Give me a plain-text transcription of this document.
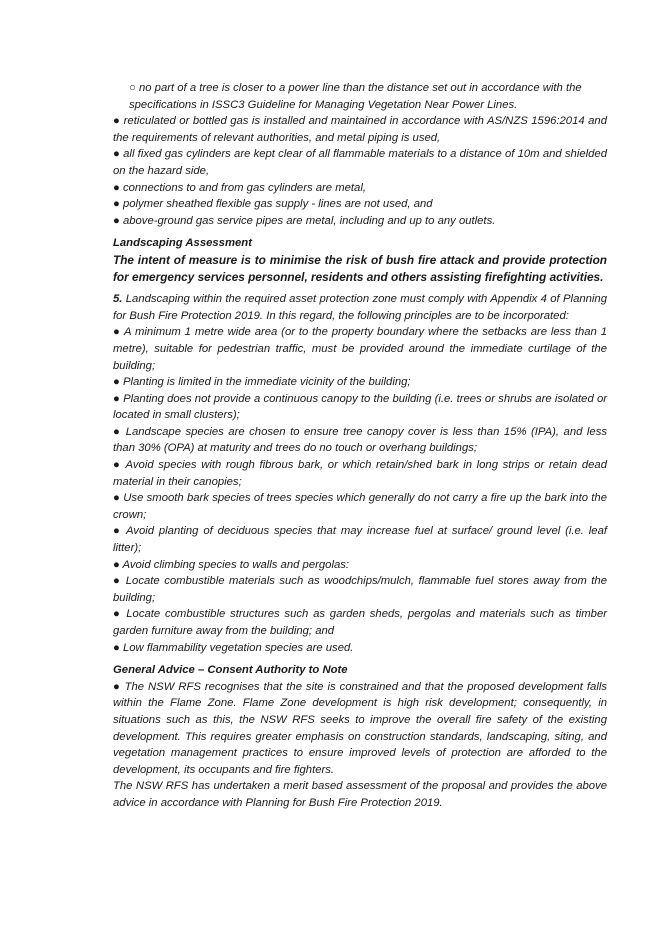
○ no part of a tree is closer to a power line than the distance set out in accordance with the

specifications in ISSC3 Guideline for Managing Vegetation Near Power Lines.

● reticulated or bottled gas is installed and maintained in accordance with AS/NZS 1596:2014 and the requirements of relevant authorities, and metal piping is used,

● all fixed gas cylinders are kept clear of all flammable materials to a distance of 10m and shielded on the hazard side,

● connections to and from gas cylinders are metal,

● polymer sheathed flexible gas supply - lines are not used, and

● above-ground gas service pipes are metal, including and up to any outlets.

Landscaping Assessment

The intent of measure is to minimise the risk of bush fire attack and provide protection for emergency services personnel, residents and others assisting firefighting activities.

5. Landscaping within the required asset protection zone must comply with Appendix 4 of Planning for Bush Fire Protection 2019. In this regard, the following principles are to be incorporated:

● A minimum 1 metre wide area (or to the property boundary where the setbacks are less than 1 metre), suitable for pedestrian traffic, must be provided around the immediate curtilage of the building;

● Planting is limited in the immediate vicinity of the building;

● Planting does not provide a continuous canopy to the building (i.e. trees or shrubs are isolated or located in small clusters);

● Landscape species are chosen to ensure tree canopy cover is less than 15% (IPA), and less than 30% (OPA) at maturity and trees do no touch or overhang buildings;

● Avoid species with rough fibrous bark, or which retain/shed bark in long strips or retain dead material in their canopies;

● Use smooth bark species of trees species which generally do not carry a fire up the bark into the crown;

● Avoid planting of deciduous species that may increase fuel at surface/ ground level (i.e. leaf litter);

● Avoid climbing species to walls and pergolas:

● Locate combustible materials such as woodchips/mulch, flammable fuel stores away from the building;

● Locate combustible structures such as garden sheds, pergolas and materials such as timber garden furniture away from the building; and

● Low flammability vegetation species are used.

General Advice – Consent Authority to Note

● The NSW RFS recognises that the site is constrained and that the proposed development falls within the Flame Zone. Flame Zone development is high risk development; consequently, in situations such as this, the NSW RFS seeks to improve the overall fire safety of the existing development. This requires greater emphasis on construction standards, landscaping, siting, and vegetation management practices to ensure improved levels of protection are afforded to the development, its occupants and fire fighters.

The NSW RFS has undertaken a merit based assessment of the proposal and provides the above advice in accordance with Planning for Bush Fire Protection 2019.
